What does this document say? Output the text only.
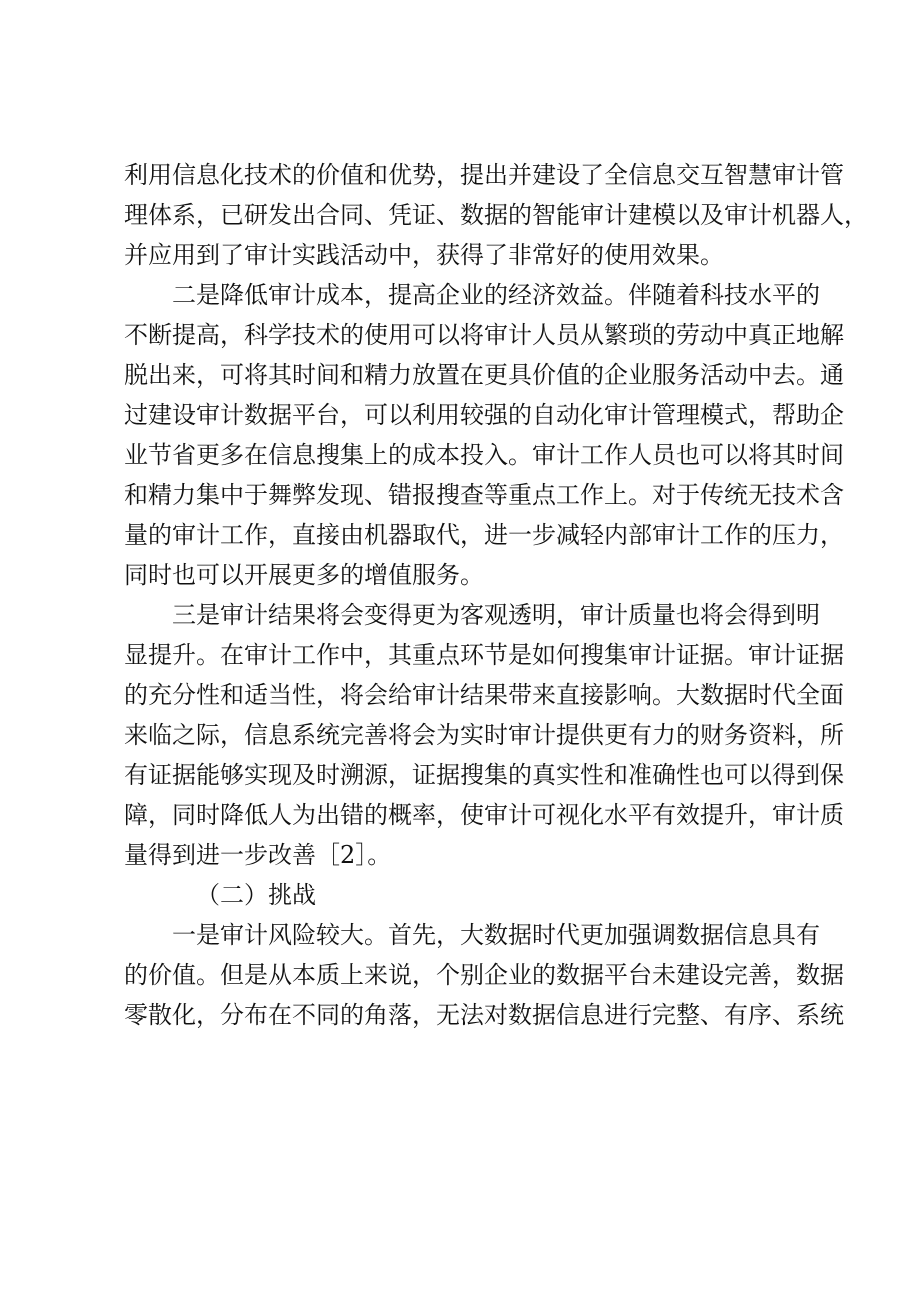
利用信息化技术的价值和优势，提出并建设了全信息交互智慧审计管
理体系，已研发出合同、凭证、数据的智能审计建模以及审计机器人，
并应用到了审计实践活动中，获得了非常好的使用效果。
二是降低审计成本，提高企业的经济效益。伴随着科技水平的
不断提高，科学技术的使用可以将审计人员从繁琐的劳动中真正地解
脱出来，可将其时间和精力放置在更具价值的企业服务活动中去。通
过建设审计数据平台，可以利用较强的自动化审计管理模式，帮助企
业节省更多在信息搜集上的成本投入。审计工作人员也可以将其时间
和精力集中于舞弊发现、错报搜查等重点工作上。对于传统无技术含
量的审计工作，直接由机器取代，进一步减轻内部审计工作的压力，
同时也可以开展更多的增值服务。
三是审计结果将会变得更为客观透明，审计质量也将会得到明
显提升。在审计工作中，其重点环节是如何搜集审计证据。审计证据
的充分性和适当性，将会给审计结果带来直接影响。大数据时代全面
来临之际，信息系统完善将会为实时审计提供更有力的财务资料，所
有证据能够实现及时溯源，证据搜集的真实性和准确性也可以得到保
障，同时降低人为出错的概率，使审计可视化水平有效提升，审计质
量得到进一步改善［2］。
（二）挑战
一是审计风险较大。首先，大数据时代更加强调数据信息具有
的价值。但是从本质上来说，个别企业的数据平台未建设完善，数据
零散化，分布在不同的角落，无法对数据信息进行完整、有序、系统
